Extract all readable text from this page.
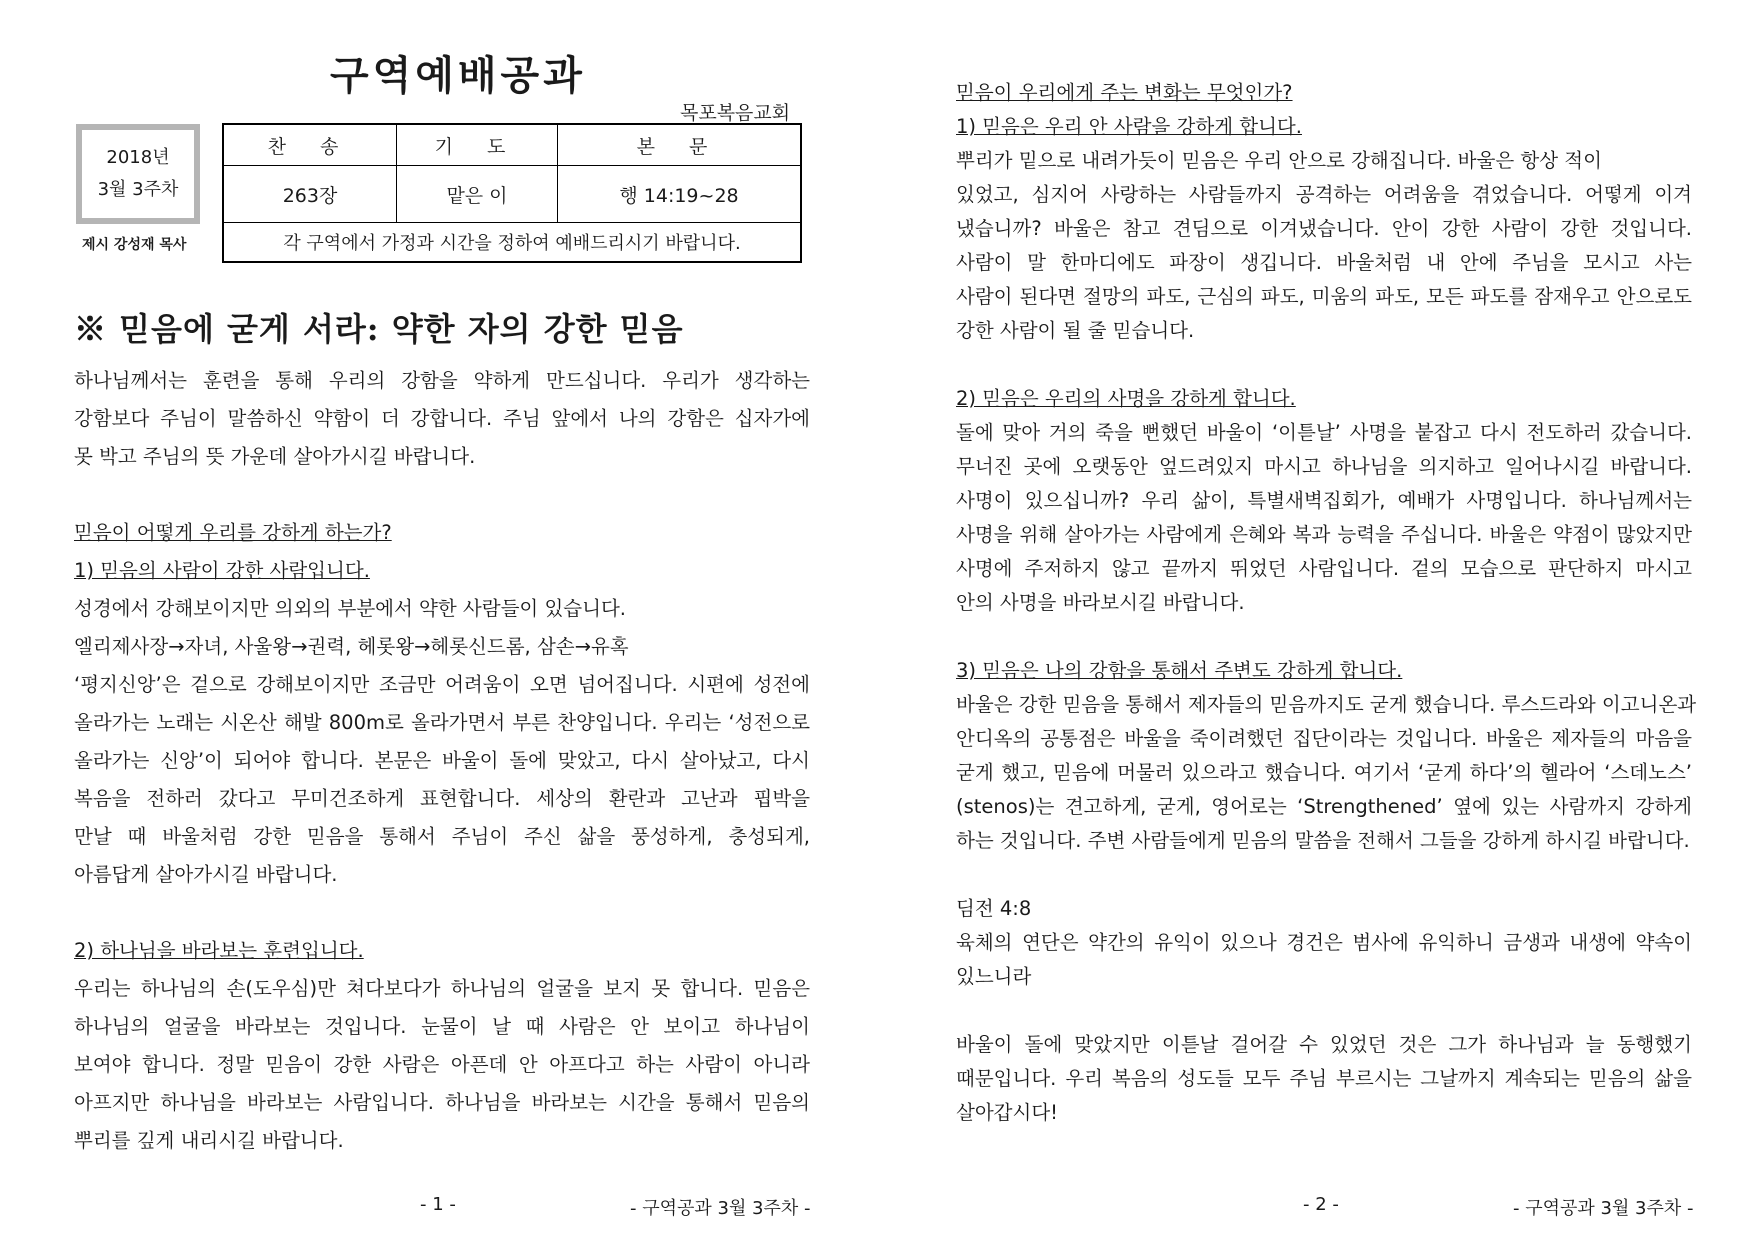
구역예배공과
목포복음교회
2018년
3월 3주차
제시 강성재 목사
찬 송	기 도	본 문
263장	맡은 이	행 14:19~28
각 구역에서 가정과 시간을 정하여 예배드리시기 바랍니다.		
※ 믿음에 굳게 서라: 약한 자의 강한 믿음
하나님께서는 훈련을 통해 우리의 강함을 약하게 만드십니다. 우리가 생각하는
강함보다 주님이 말씀하신 약함이 더 강합니다. 주님 앞에서 나의 강함은 십자가에
못 박고 주님의 뜻 가운데 살아가시길 바랍니다.
믿음이 어떻게 우리를 강하게 하는가?
1) 믿음의 사람이 강한 사람입니다.
성경에서 강해보이지만 의외의 부분에서 약한 사람들이 있습니다.
엘리제사장→자녀, 사울왕→권력, 헤롯왕→헤롯신드롬, 삼손→유혹
‘평지신앙’은 겉으로 강해보이지만 조금만 어려움이 오면 넘어집니다. 시편에 성전에
올라가는 노래는 시온산 해발 800m로 올라가면서 부른 찬양입니다. 우리는 ‘성전으로
올라가는 신앙’이 되어야 합니다. 본문은 바울이 돌에 맞았고, 다시 살아났고, 다시
복음을 전하러 갔다고 무미건조하게 표현합니다. 세상의 환란과 고난과 핍박을
만날 때 바울처럼 강한 믿음을 통해서 주님이 주신 삶을 풍성하게, 충성되게,
아름답게 살아가시길 바랍니다.
2) 하나님을 바라보는 훈련입니다.
우리는 하나님의 손(도우심)만 쳐다보다가 하나님의 얼굴을 보지 못 합니다. 믿음은
하나님의 얼굴을 바라보는 것입니다. 눈물이 날 때 사람은 안 보이고 하나님이
보여야 합니다. 정말 믿음이 강한 사람은 아픈데 안 아프다고 하는 사람이 아니라
아프지만 하나님을 바라보는 사람입니다. 하나님을 바라보는 시간을 통해서 믿음의
뿌리를 깊게 내리시길 바랍니다.
- 1 -	- 구역공과 3월 3주차 -
믿음이 우리에게 주는 변화는 무엇인가?
1) 믿음은 우리 안 사람을 강하게 합니다.
뿌리가 밑으로 내려가듯이 믿음은 우리 안으로 강해집니다. 바울은 항상 적이
있었고, 심지어 사랑하는 사람들까지 공격하는 어려움을 겪었습니다. 어떻게 이겨
냈습니까? 바울은 참고 견딤으로 이겨냈습니다. 안이 강한 사람이 강한 것입니다.
사람이 말 한마디에도 파장이 생깁니다. 바울처럼 내 안에 주님을 모시고 사는
사람이 된다면 절망의 파도, 근심의 파도, 미움의 파도, 모든 파도를 잠재우고 안으로도
강한 사람이 될 줄 믿습니다.
2) 믿음은 우리의 사명을 강하게 합니다.
돌에 맞아 거의 죽을 뻔했던 바울이 ‘이튿날’ 사명을 붙잡고 다시 전도하러 갔습니다.
무너진 곳에 오랫동안 엎드려있지 마시고 하나님을 의지하고 일어나시길 바랍니다.
사명이 있으십니까? 우리 삶이, 특별새벽집회가, 예배가 사명입니다. 하나님께서는
사명을 위해 살아가는 사람에게 은혜와 복과 능력을 주십니다. 바울은 약점이 많았지만
사명에 주저하지 않고 끝까지 뛰었던 사람입니다. 겉의 모습으로 판단하지 마시고
안의 사명을 바라보시길 바랍니다.
3) 믿음은 나의 강함을 통해서 주변도 강하게 합니다.
바울은 강한 믿음을 통해서 제자들의 믿음까지도 굳게 했습니다. 루스드라와 이고니온과
안디옥의 공통점은 바울을 죽이려했던 집단이라는 것입니다. 바울은 제자들의 마음을
굳게 했고, 믿음에 머물러 있으라고 했습니다. 여기서 ‘굳게 하다’의 헬라어 ‘스데노스’
(stenos)는 견고하게, 굳게, 영어로는 ‘Strengthened’ 옆에 있는 사람까지 강하게
하는 것입니다. 주변 사람들에게 믿음의 말씀을 전해서 그들을 강하게 하시길 바랍니다.
딤전 4:8
육체의 연단은 약간의 유익이 있으나 경건은 범사에 유익하니 금생과 내생에 약속이
있느니라
바울이 돌에 맞았지만 이튿날 걸어갈 수 있었던 것은 그가 하나님과 늘 동행했기
때문입니다. 우리 복음의 성도들 모두 주님 부르시는 그날까지 계속되는 믿음의 삶을
살아갑시다!
- 2 -	- 구역공과 3월 3주차 -
